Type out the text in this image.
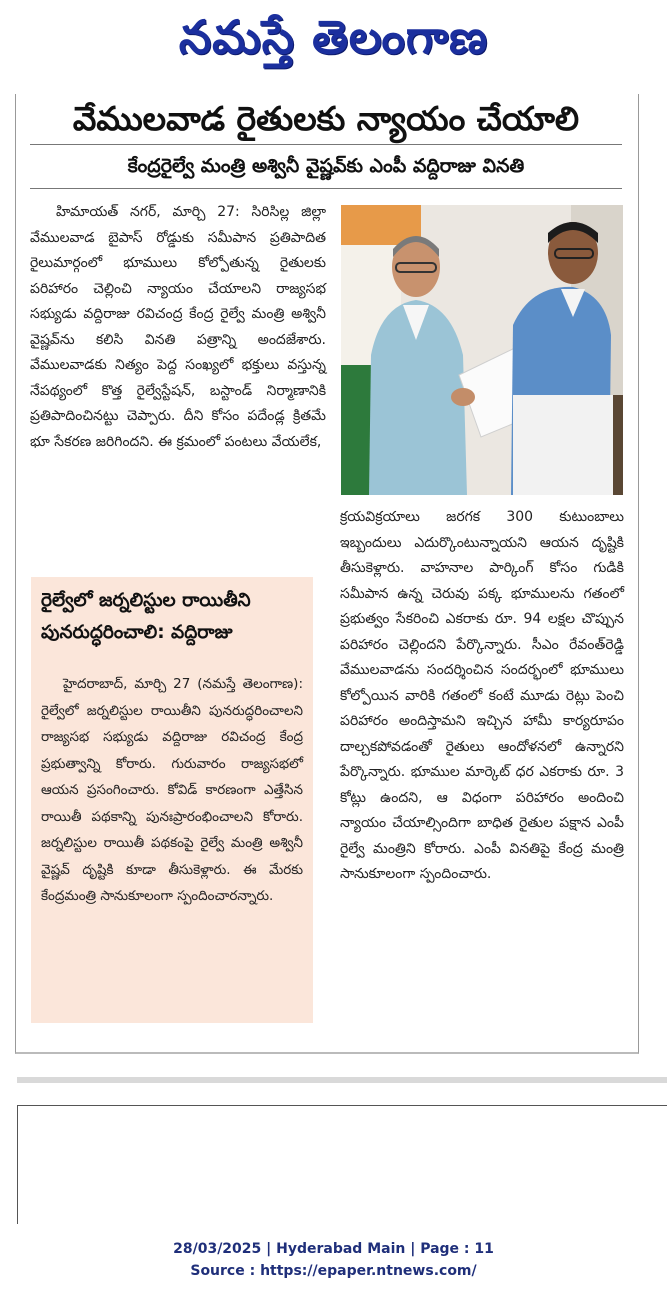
నమస్తే తెలంగాణ
వేములవాడ రైతులకు న్యాయం చేయాలి
కేంద్రరైల్వే మంత్రి అశ్వినీ వైష్ణవ్‌కు ఎంపీ వద్దిరాజు వినతి

హిమాయత్ నగర్, మార్చి 27: సిరిసిల్ల జిల్లా వేములవాడ బైపాస్ రోడ్డుకు సమీపాన ప్రతిపాదిత రైలుమార్గంలో భూములు కోల్పోతున్న రైతులకు పరిహారం చెల్లించి న్యాయం చేయాలని రాజ్యసభ సభ్యుడు వద్దిరాజు రవిచంద్ర కేంద్ర రైల్వే మంత్రి అశ్వినీ వైష్ణవ్‌ను కలిసి వినతి పత్రాన్ని అందజేశారు. వేములవాడకు నిత్యం పెద్ద సంఖ్యలో భక్తులు వస్తున్న నేపథ్యంలో కొత్త రైల్వేస్టేషన్, బస్టాండ్ నిర్మాణానికి ప్రతిపాదించినట్టు చెప్పారు. దీని కోసం పదేండ్ల క్రితమే భూ సేకరణ జరిగిందని. ఈ క్రమంలో పంటలు వేయలేక,

క్రయవిక్రయాలు జరగక 300 కుటుంబాలు ఇబ్బందులు ఎదుర్కొంటున్నాయని ఆయన దృష్టికి తీసుకెళ్లారు. వాహనాల పార్కింగ్ కోసం గుడికి సమీపాన ఉన్న చెరువు పక్క భూములను గతంలో ప్రభుత్వం సేకరించి ఎకరాకు రూ. 94 లక్షల చొప్పున పరిహారం చెల్లిందని పేర్కొన్నారు. సీఎం రేవంత్‌రెడ్డి వేములవాడను సందర్శించిన సందర్భంలో భూములు కోల్పోయిన వారికి గతంలో కంటే మూడు రెట్లు పెంచి పరిహారం అందిస్తామని ఇచ్చిన హామీ కార్యరూపం దాల్చకపోవడంతో రైతులు ఆందోళనలో ఉన్నారని పేర్కొన్నారు. భూముల మార్కెట్ ధర ఎకరాకు రూ. 3 కోట్లు ఉందని, ఆ విధంగా పరిహారం అందించి న్యాయం చేయాల్సిందిగా బాధిత రైతుల పక్షాన ఎంపీ రైల్వే మంత్రిని కోరారు. ఎంపీ వినతిపై కేంద్ర మంత్రి సానుకూలంగా స్పందించారు.

రైల్వేలో జర్నలిస్టుల రాయితీని పునరుద్ధరించాలి: వద్దిరాజు

హైదరాబాద్, మార్చి 27 (నమస్తే తెలంగాణ): రైల్వేలో జర్నలిస్టుల రాయితీని పునరుద్ధరించాలని రాజ్యసభ సభ్యుడు వద్దిరాజు రవిచంద్ర కేంద్ర ప్రభుత్వాన్ని కోరారు. గురువారం రాజ్యసభలో ఆయన ప్రసంగించారు. కోవిడ్ కారణంగా ఎత్తేసిన రాయితీ పథకాన్ని పునఃప్రారంభించాలని కోరారు. జర్నలిస్టుల రాయితీ పథకంపై రైల్వే మంత్రి అశ్వినీ వైష్ణవ్ దృష్టికి కూడా తీసుకెళ్లారు. ఈ మేరకు కేంద్రమంత్రి సానుకూలంగా స్పందించారన్నారు.

28/03/2025 | Hyderabad Main | Page : 11
Source : https://epaper.ntnews.com/
